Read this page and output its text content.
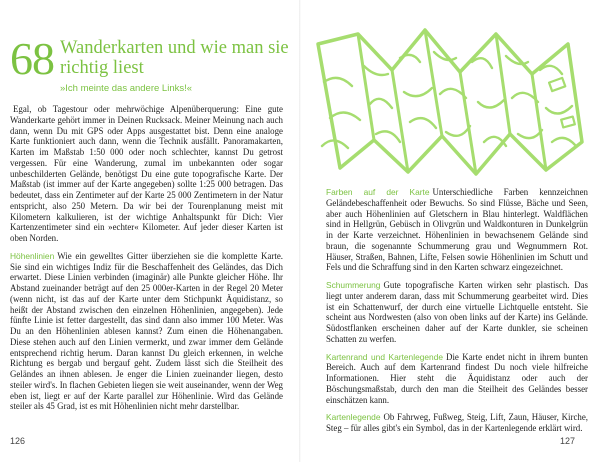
68 Wanderkarten und wie man sie richtig liest
»Ich meinte das andere Links!«

Egal, ob Tagestour oder mehrwöchige Alpenüberquerung: Eine gute Wanderkarte gehört immer in Deinen Rucksack. Meiner Meinung nach auch dann, wenn Du mit GPS oder Apps ausgestattet bist. Denn eine analoge Karte funktioniert auch dann, wenn die Technik ausfällt. Panoramakarten, Karten im Maßstab 1:50 000 oder noch schlechter, kannst Du getrost vergessen. Für eine Wanderung, zumal im unbekannten oder sogar unbeschilderten Gelände, benötigst Du eine gute topografische Karte. Der Maßstab (ist immer auf der Karte angegeben) sollte 1:25 000 betragen. Das bedeutet, dass ein Zentimeter auf der Karte 25 000 Zentimetern in der Natur entspricht, also 250 Metern. Da wir bei der Tourenplanung meist mit Kilometern kalkulieren, ist der wichtige Anhaltspunkt für Dich: Vier Kartenzentimeter sind ein »echter« Kilometer. Auf jeder dieser Karten ist oben Norden.

Höhenlinien Wie ein gewelltes Gitter überziehen sie die komplette Karte. Sie sind ein wichtiges Indiz für die Beschaffenheit des Geländes, das Dich erwartet. Diese Linien verbinden (imaginär) alle Punkte gleicher Höhe. Ihr Abstand zueinander beträgt auf den 25 000er-Karten in der Regel 20 Meter (wenn nicht, ist das auf der Karte unter dem Stichpunkt Äquidistanz, so heißt der Abstand zwischen den einzelnen Höhenlinien, angegeben). Jede fünfte Linie ist fetter dargestellt, das sind dann also immer 100 Meter. Was Du an den Höhenlinien ablesen kannst? Zum einen die Höhenangaben. Diese stehen auch auf den Linien vermerkt, und zwar immer dem Gelände entsprechend richtig herum. Daran kannst Du gleich erkennen, in welche Richtung es bergab und bergauf geht. Zudem lässt sich die Steilheit des Geländes an ihnen ablesen. Je enger die Linien zueinander liegen, desto steiler wird's. In flachen Gebieten liegen sie weit auseinander, wenn der Weg eben ist, liegt er auf der Karte parallel zur Höhenlinie. Wird das Gelände steiler als 45 Grad, ist es mit Höhenlinien nicht mehr darstellbar.

126

Farben auf der Karte Unterschiedliche Farben kennzeichnen Geländebeschaffenheit oder Bewuchs. So sind Flüsse, Bäche und Seen, aber auch Höhenlinien auf Gletschern in Blau hinterlegt. Waldflächen sind in Hellgrün, Gebüsch in Olivgrün und Waldkonturen in Dunkelgrün in der Karte verzeichnet. Höhenlinien in bewachsenem Gelände sind braun, die sogenannte Schummerung grau und Wegnummern Rot. Häuser, Straßen, Bahnen, Lifte, Felsen sowie Höhenlinien im Schutt und Fels und die Schraffung sind in den Karten schwarz eingezeichnet.

Schummerung Gute topografische Karten wirken sehr plastisch. Das liegt unter anderem daran, dass mit Schummerung gearbeitet wird. Dies ist ein Schattenwurf, der durch eine virtuelle Lichtquelle entsteht. Sie scheint aus Nordwesten (also von oben links auf der Karte) ins Gelände. Südostflanken erscheinen daher auf der Karte dunkler, sie scheinen Schatten zu werfen.

Kartenrand und Kartenlegende Die Karte endet nicht in ihrem bunten Bereich. Auch auf dem Kartenrand findest Du noch viele hilfreiche Informationen. Hier steht die Äquidistanz oder auch der Böschungsmaßstab, durch den man die Steilheit des Geländes besser einschätzen kann.

Kartenlegende Ob Fahrweg, Fußweg, Steig, Lift, Zaun, Häuser, Kirche, Steg – für alles gibt's ein Symbol, das in der Kartenlegende erklärt wird.

127
